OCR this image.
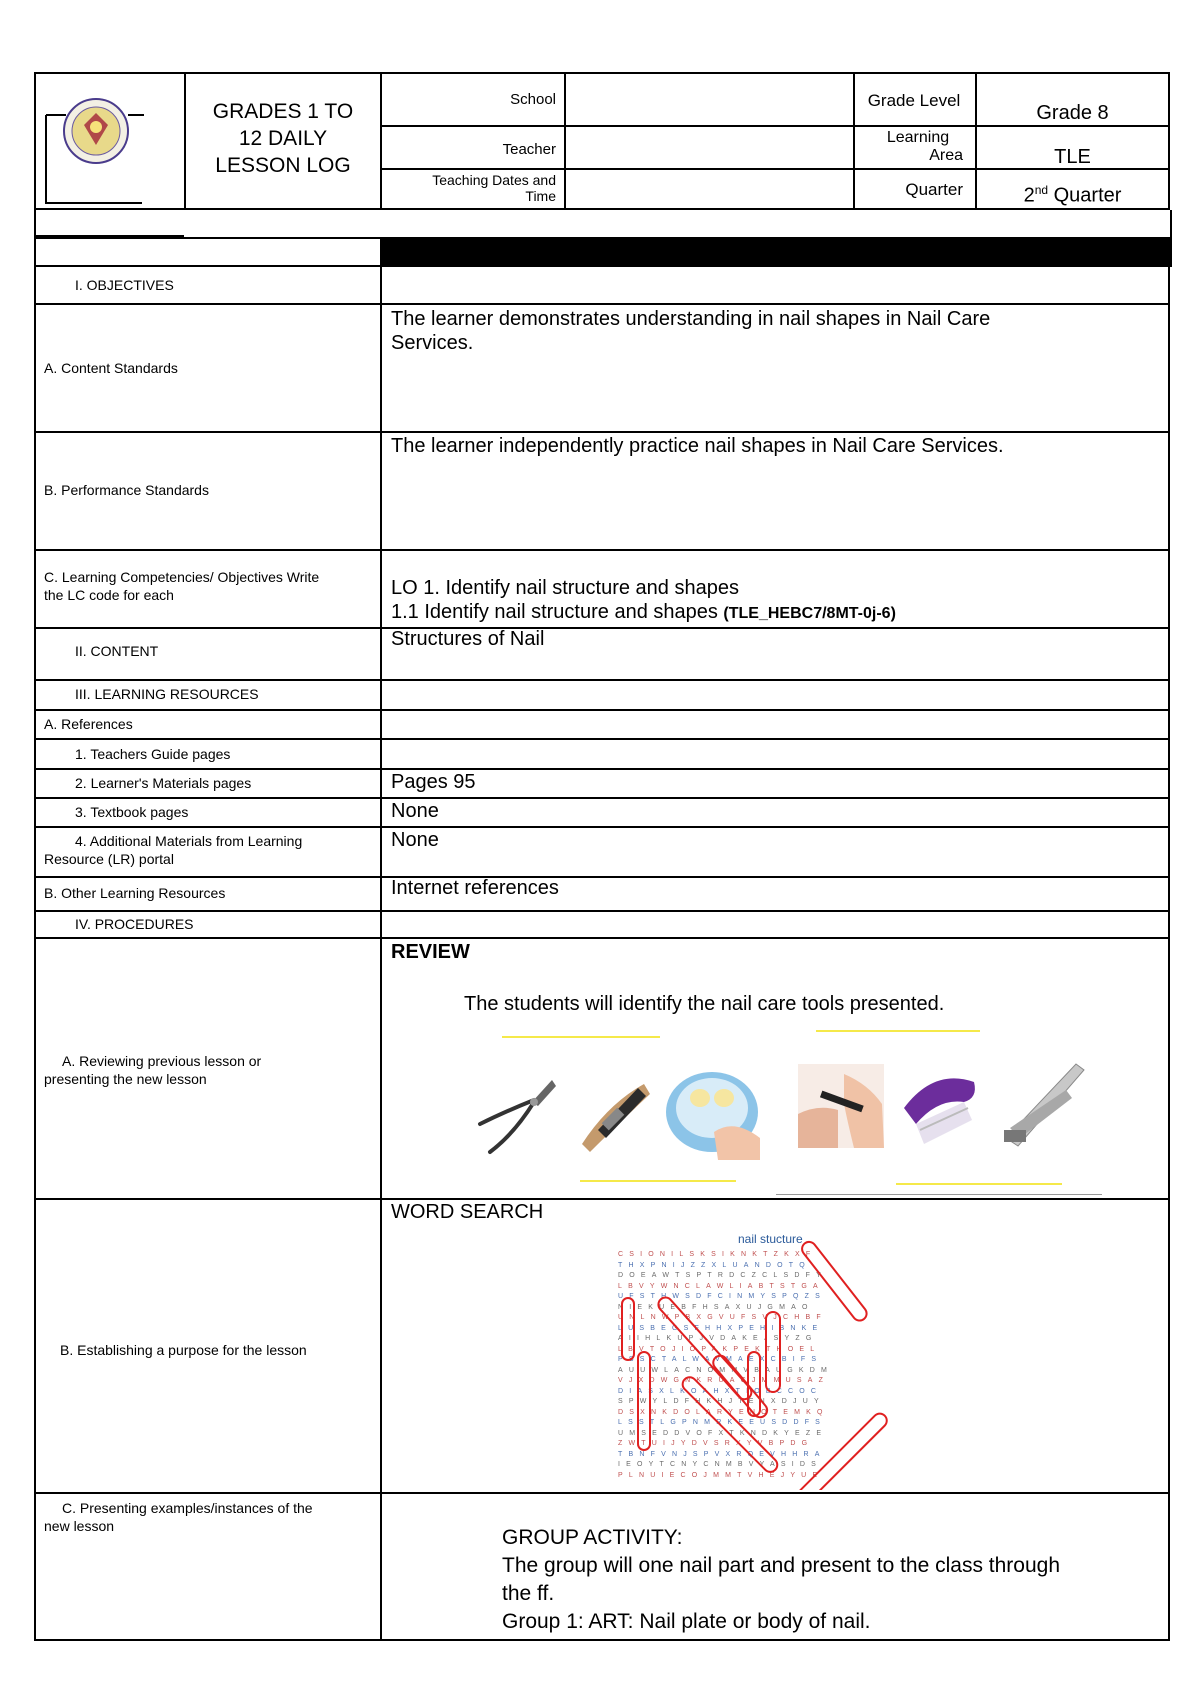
GRADES 1 TO
12 DAILY
LESSON LOG
School
Teacher
Teaching Dates and
Time
Grade Level
Grade 8
Learning
Area	TLE
Quarter	2nd Quarter
I. OBJECTIVES
A. Content Standards
B. Performance Standards
C. Learning Competencies/ Objectives Write
the LC code for each
II. CONTENT
III. LEARNING RESOURCES
A. References
1. Teachers Guide pages
2. Learner's Materials pages
3. Textbook pages
4. Additional Materials from Learning
Resource (LR) portal
B. Other Learning Resources
IV. PROCEDURES
A. Reviewing previous lesson or
presenting the new lesson
B. Establishing a purpose for the lesson
C. Presenting examples/instances of the
new lesson
The learner demonstrates understanding in nail shapes in Nail Care
Services.
The learner independently practice nail shapes in Nail Care Services.
LO 1. Identify nail structure and shapes
1.1 Identify nail structure and shapes (TLE_HEBC7/8MT-0j-6)
Structures of Nail
Pages 95
None
None
Internet references
REVIEW
The students will identify the nail care tools presented.
WORD SEARCH
nail stucture
CSIONILSKSIKNKTZKXF
THXPNIJZZXLUANDOTQ
DOEAWTSPTRDCZCLSDFY
LBVYWNCLAWLIABTSTGA
UFSTHWSDFCINMYSPQZS
NIEKUEBFHSAXUJGMAO
UNLNWPBXGVUFSVJCHBF
LUSBEGSFHHXPEHIBNKE
AIIHLKUPJVDAKEJSYZG
LBVTOJIOPAKPEKTHOEL
PSSCTALWAVMAEXCBIFS
AUUWLACNOMMVBAUGKDM
VJXDWGNKRUACJMMUSAZ
DIASXLKOAHXTIOBCCOC
SPWYLDFHKHJTENXDJUY
DSXNKDOLARYENOTEMKQ
LSSTLGPNMRKEEUSDDFS
UMSEDDVOFXTKNDKYEZE
ZWTUIJYDVSRXYVBPDG
TBNFVNJSPVXRQEVHHRA
IEOYTCNYCNMBVYASIDS
PLNUIECOJMMTVHEJYUE
GROUP ACTIVITY:
The group will one nail part and present to the class through
the ff.
Group 1: ART: Nail plate or body of nail.
